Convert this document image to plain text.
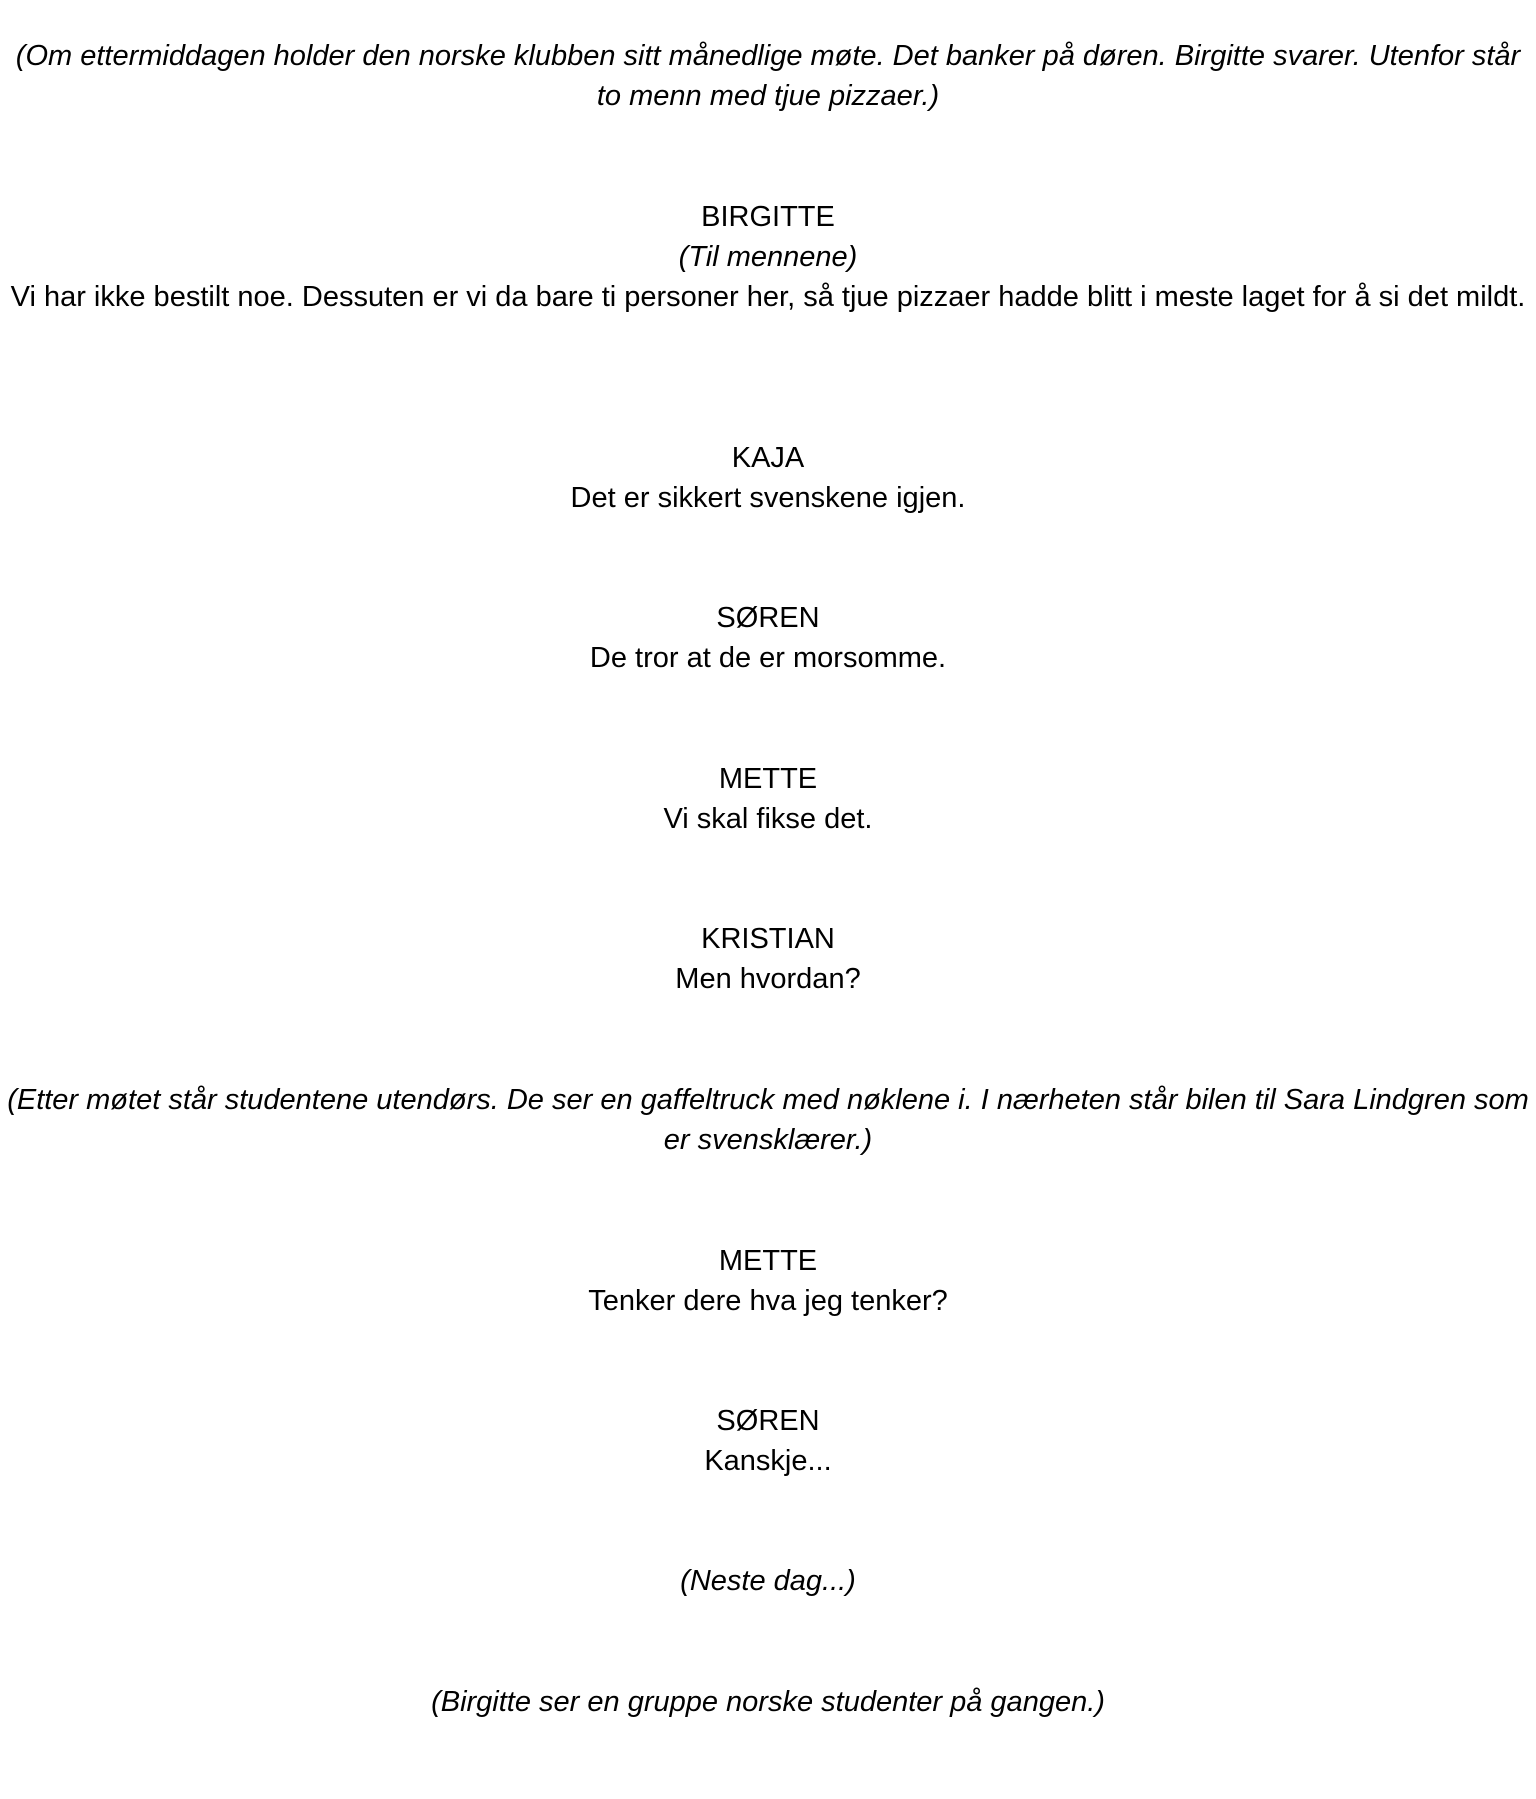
(Om ettermiddagen holder den norske klubben sitt månedlige møte. Det banker på døren. Birgitte svarer. Utenfor står to menn med tjue pizzaer.)
BIRGITTE
(Til mennene)
Vi har ikke bestilt noe. Dessuten er vi da bare ti personer her, så tjue pizzaer hadde blitt i meste laget for å si det mildt.
KAJA
Det er sikkert svenskene igjen.
SØREN
De tror at de er morsomme.
METTE
Vi skal fikse det.
KRISTIAN
Men hvordan?
(Etter møtet står studentene utendørs. De ser en gaffeltruck med nøklene i. I nærheten står bilen til Sara Lindgren som er svensklærer.)
METTE
Tenker dere hva jeg tenker?
SØREN
Kanskje...
(Neste dag...)
(Birgitte ser en gruppe norske studenter på gangen.)
